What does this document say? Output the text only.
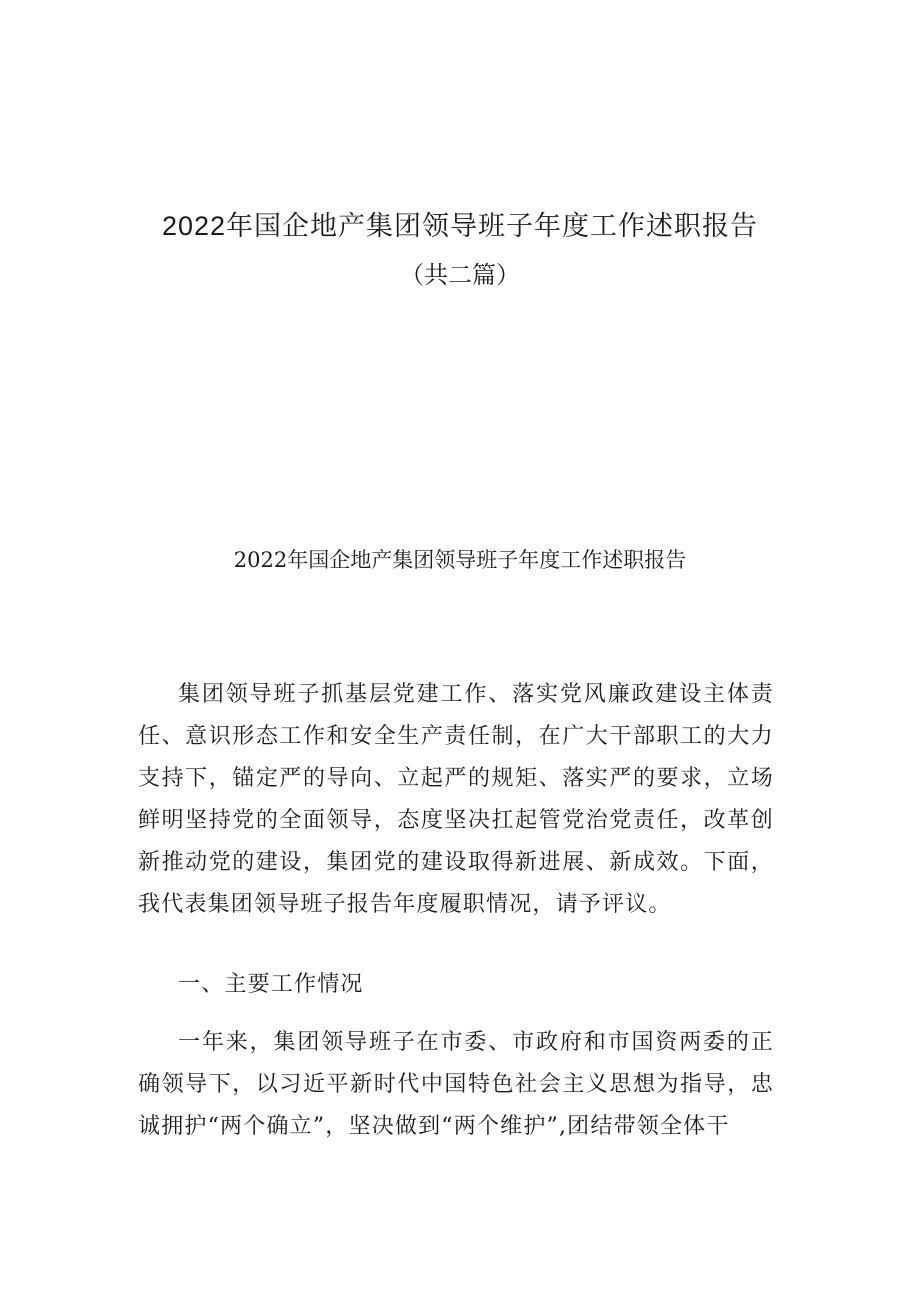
2022年国企地产集团领导班子年度工作述职报告
（共二篇）
2022年国企地产集团领导班子年度工作述职报告

集团领导班子抓基层党建工作、落实党风廉政建设主体责任、意识形态工作和安全生产责任制，在广大干部职工的大力支持下，锚定严的导向、立起严的规矩、落实严的要求，立场鲜明坚持党的全面领导，态度坚决扛起管党治党责任，改革创新推动党的建设，集团党的建设取得新进展、新成效。下面，我代表集团领导班子报告年度履职情况，请予评议。

一、主要工作情况

一年来，集团领导班子在市委、市政府和市国资两委的正确领导下，以习近平新时代中国特色社会主义思想为指导，忠诚拥护“两个确立”，坚决做到“两个维护”,团结带领全体干
